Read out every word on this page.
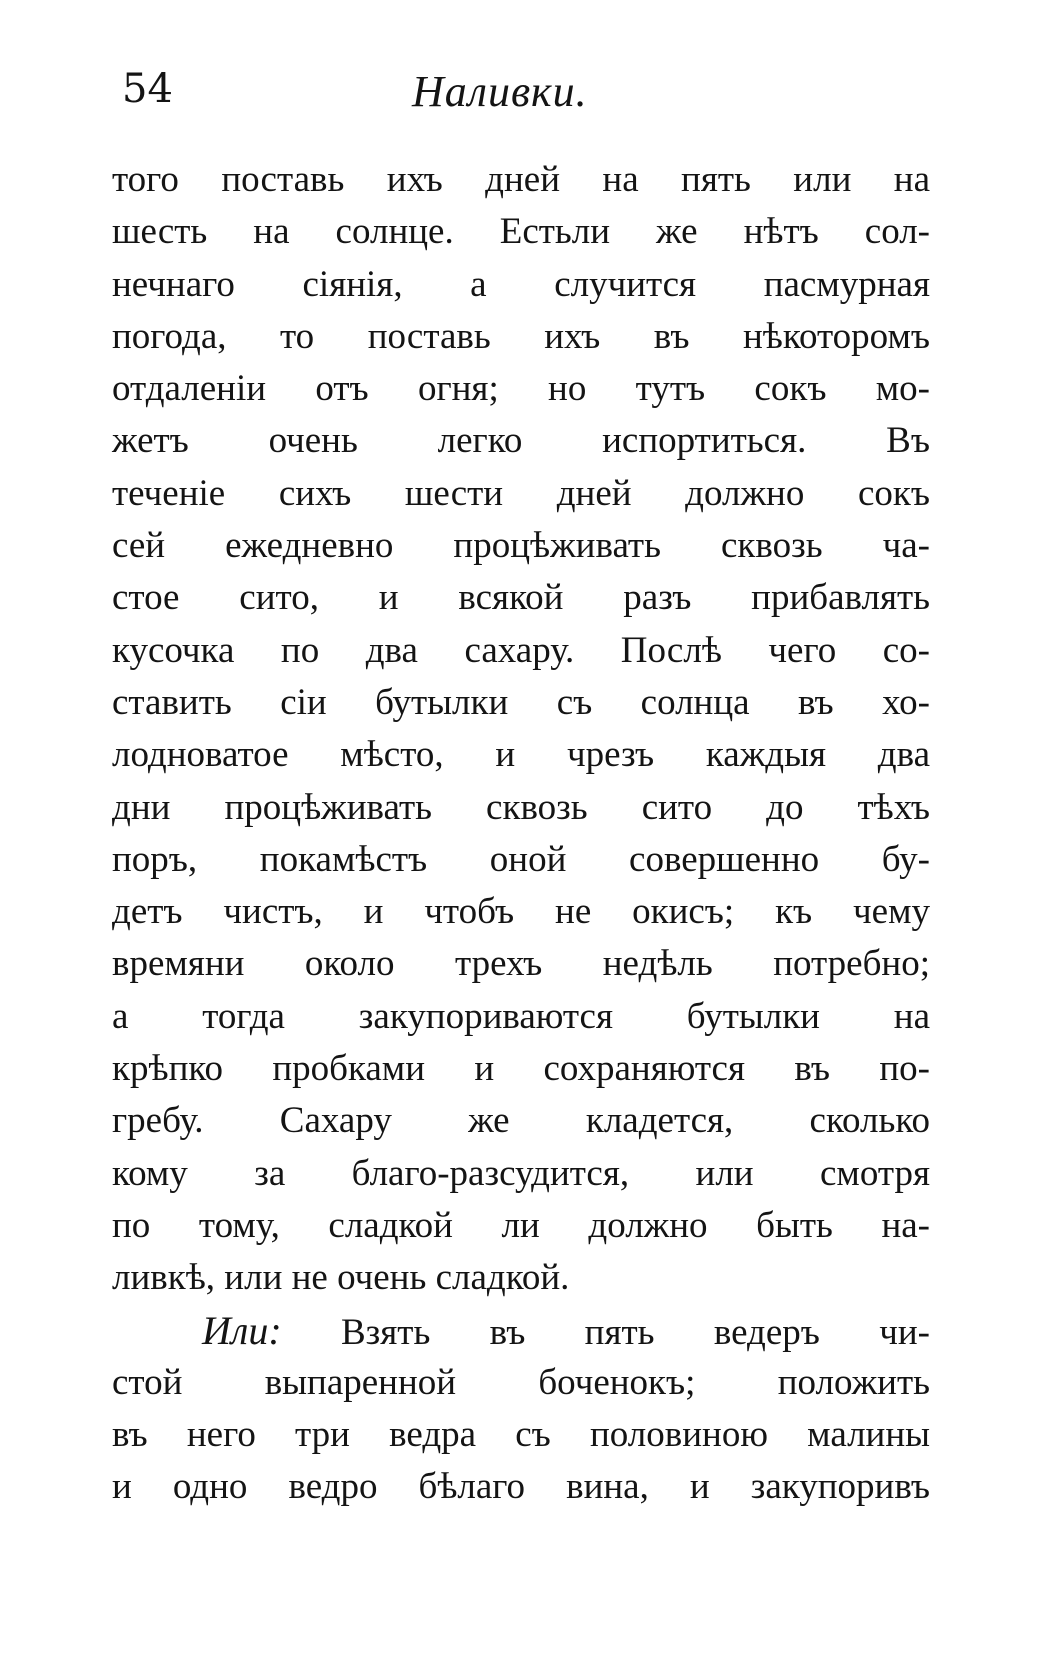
54	Наливки.
того поставь ихъ дней на пять или на
шесть на солнце. Естьли же нѣтъ сол-
нечнаго сіянія, а случится пасмурная
погода, то поставь ихъ въ нѣкоторомъ
отдаленіи отъ огня; но тутъ сокъ мо-
жетъ очень легко испортиться. Въ
теченіе сихъ шести дней должно сокъ
сей ежедневно процѣживать сквозь ча-
стое сито, и всякой разъ прибавлять
кусочка по два сахару. Послѣ чего со-
ставить сіи бутылки съ солнца въ хо-
лодноватое мѣсто, и чрезъ каждыя два
дни процѣживать сквозь сито до тѣхъ
поръ, покамѣстъ оной совершенно бу-
детъ чистъ, и чтобъ не окисъ; къ чему
времяни около трехъ недѣль потребно;
а тогда закупориваются бутылки на
крѣпко пробками и сохраняются въ по-
гребу. Сахару же кладется, сколько
кому за благо-разсудится, или смотря
по тому, сладкой ли должно быть на-
ливкѣ, или не очень сладкой.
Или: Взять въ пять ведеръ чи-
стой выпаренной боченокъ; положить
въ него три ведра съ половиною малины
и одно ведро бѣлаго вина, и закупоривъ
